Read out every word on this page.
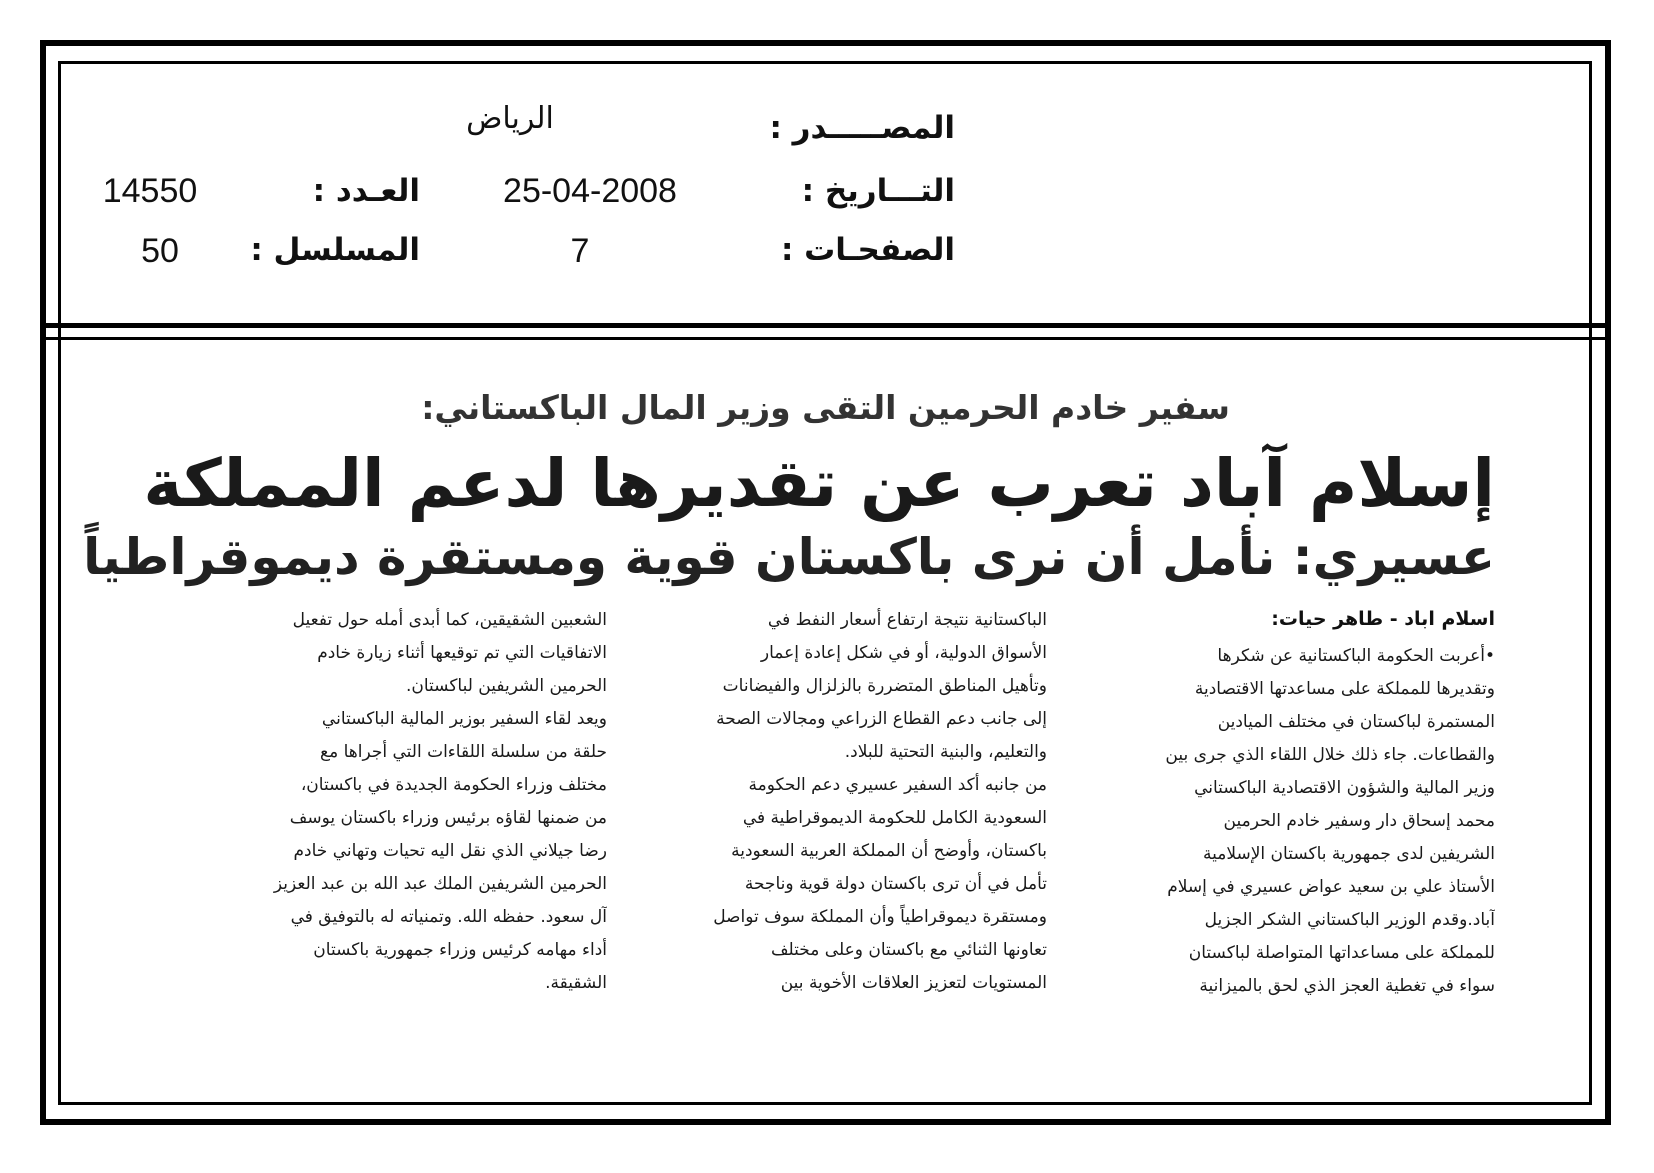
المصـــــدر :
الرياض
التـــاريخ :
25-04-2008
الصفحـات :
7
العـدد :
14550
المسلسل :
50
سفير خادم الحرمين التقى وزير المال الباكستاني:
إسلام آباد تعرب عن تقديرها لدعم المملكة
عسيري: نأمل أن نرى باكستان قوية ومستقرة ديموقراطياً
اسلام اباد - طاهر حيات:
•أعربت الحكومة الباكستانية عن شكرها
وتقديرها للمملكة على مساعدتها الاقتصادية
المستمرة لباكستان في مختلف الميادين
والقطاعات. جاء ذلك خلال اللقاء الذي جرى بين
وزير المالية والشؤون الاقتصادية الباكستاني
محمد إسحاق دار وسفير خادم الحرمين
الشريفين لدى جمهورية باكستان الإسلامية
الأستاذ علي بن سعيد عواض عسيري في إسلام
آباد.وقدم الوزير الباكستاني الشكر الجزيل
للمملكة على مساعداتها المتواصلة لباكستان
سواء في تغطية العجز الذي لحق بالميزانية
الباكستانية نتيجة ارتفاع أسعار النفط في
الأسواق الدولية، أو في شكل إعادة إعمار
وتأهيل المناطق المتضررة بالزلزال والفيضانات
إلى جانب دعم القطاع الزراعي ومجالات الصحة
والتعليم، والبنية التحتية للبلاد.
من جانبه أكد السفير عسيري دعم الحكومة
السعودية الكامل للحكومة الديموقراطية في
باكستان، وأوضح أن المملكة العربية السعودية
تأمل في أن ترى باكستان دولة قوية وناجحة
ومستقرة ديموقراطياً وأن المملكة سوف تواصل
تعاونها الثنائي مع باكستان وعلى مختلف
المستويات لتعزيز العلاقات الأخوية بين
الشعبين الشقيقين، كما أبدى أمله حول تفعيل
الاتفاقيات التي تم توقيعها أثناء زيارة خادم
الحرمين الشريفين لباكستان.
ويعد لقاء السفير بوزير المالية الباكستاني
حلقة من سلسلة اللقاءات التي أجراها مع
مختلف وزراء الحكومة الجديدة في باكستان،
من ضمنها لقاؤه برئيس وزراء باكستان يوسف
رضا جيلاني الذي نقل اليه تحيات وتهاني خادم
الحرمين الشريفين الملك عبد الله بن عبد العزيز
آل سعود. حفظه الله. وتمنياته له بالتوفيق في
أداء مهامه كرئيس وزراء جمهورية باكستان
الشقيقة.
